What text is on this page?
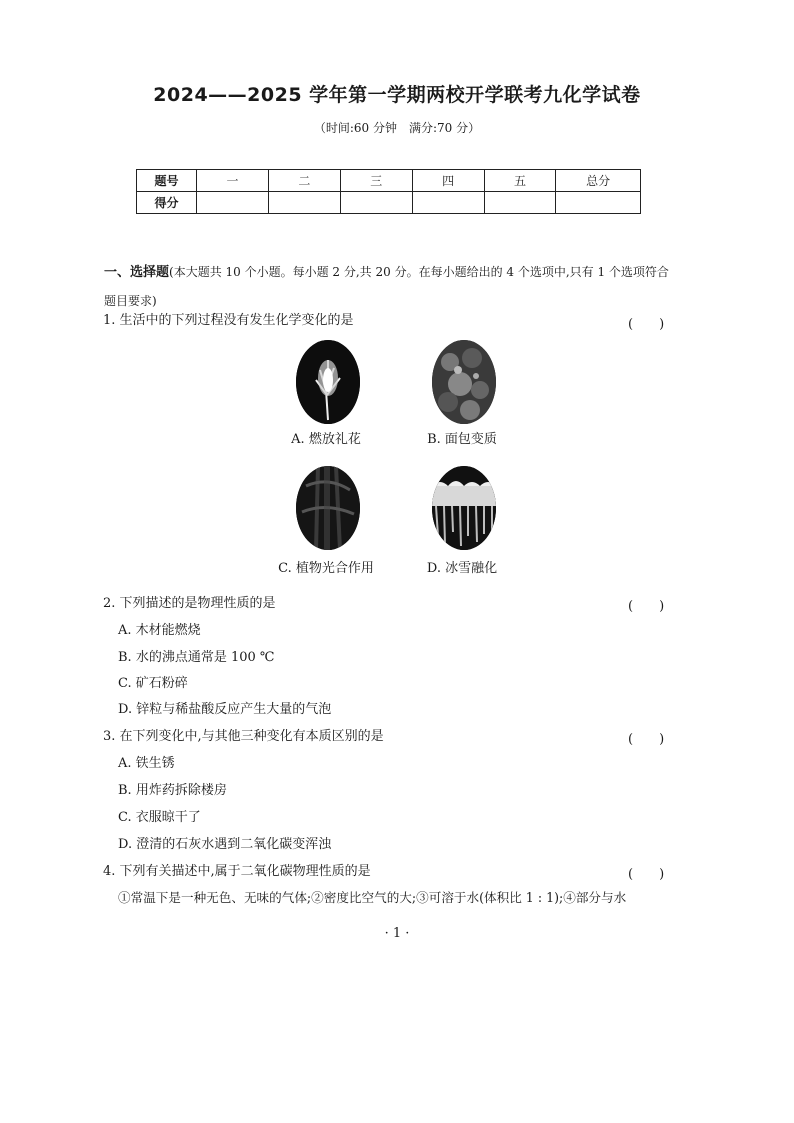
2024——2025 学年第一学期两校开学联考九化学试卷
（时间:60 分钟　满分:70 分）
题号	一	二	三	四	五	总分
得分						
一、选择题(本大题共 10 个小题。每小题 2 分,共 20 分。在每小题给出的 4 个选项中,只有 1 个选项符合题目要求)
1. 生活中的下列过程没有发生化学变化的是	(　　)
A. 燃放礼花	B. 面包变质
C. 植物光合作用	D. 冰雪融化
2. 下列描述的是物理性质的是	(　　)
A. 木材能燃烧
B. 水的沸点通常是 100 ℃
C. 矿石粉碎
D. 锌粒与稀盐酸反应产生大量的气泡
3. 在下列变化中,与其他三种变化有本质区别的是	(　　)
A. 铁生锈
B. 用炸药拆除楼房
C. 衣服晾干了
D. 澄清的石灰水遇到二氧化碳变浑浊
4. 下列有关描述中,属于二氧化碳物理性质的是	(　　)
①常温下是一种无色、无味的气体;②密度比空气的大;③可溶于水(体积比 1 : 1);④部分与水
· 1 ·
